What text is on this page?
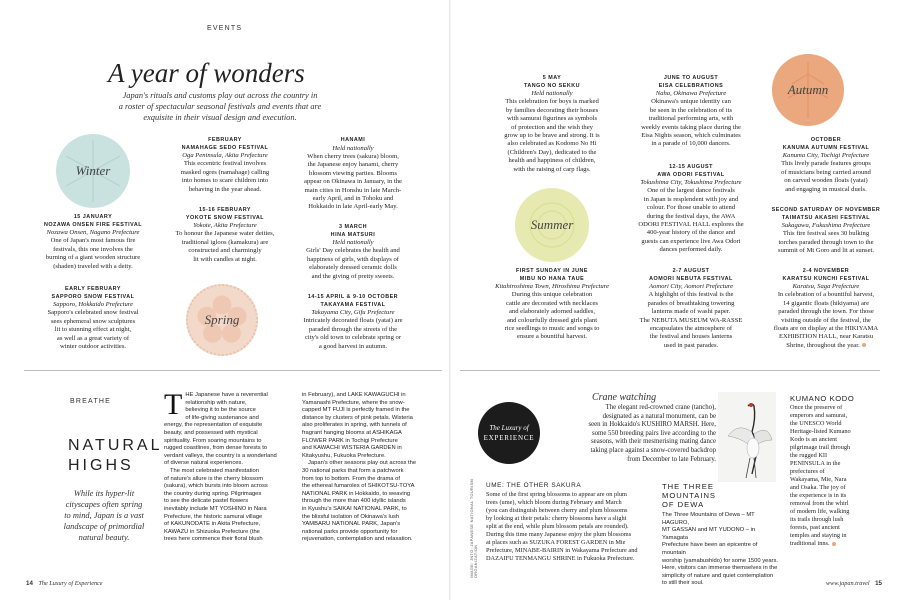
EVENTS
A year of wonders
Japan's rituals and customs play out across the country in
a roster of spectacular seasonal festivals and events that are
exquisite in their visual design and execution.
Winter
Spring
Summer
Autumn
15 JANUARY
NOZAWA ONSEN FIRE FESTIVAL
Nozawa Onsen, Nagano Prefecture
One of Japan's most famous fire
festivals, this one involves the
burning of a giant wooden structure
(shaden) traveled with a deity.
EARLY FEBRUARY
SAPPORO SNOW FESTIVAL
Sapporo, Hokkaido Prefecture
Sapporo's celebrated snow festival
sees ephemeral snow sculptures
lit to stunning effect at night,
as well as a great variety of
winter outdoor activities.
FEBRUARY
NAMAHAGE SEDO FESTIVAL
Oga Peninsula, Akita Prefecture
This eccentric festival involves
masked ogres (namahage) calling
into homes to scare children into
behaving in the year ahead.
15-16 FEBRUARY
YOKOTE SNOW FESTIVAL
Yokote, Akita Prefecture
To honour the Japanese water deities,
traditional igloos (kamakura) are
constructed and charmingly
lit with candles at night.
HANAMI
Held nationally
When cherry trees (sakura) bloom,
the Japanese enjoy hanami, cherry
blossom viewing parties. Blooms
appear on Okinawa in January, in the
main cities in Honshu in late March-
early April, and in Tohoku and
Hokkaido in late April-early May.
3 MARCH
HINA MATSURI
Held nationally
Girls' Day celebrates the health and
happiness of girls, with displays of
elaborately dressed ceramic dolls
and the giving of pretty sweets.
14-15 APRIL & 9-10 OCTOBER
TAKAYAMA FESTIVAL
Takayama City, Gifu Prefecture
Intricately decorated floats (yatai) are
paraded through the streets of the
city's old town to celebrate spring or
a good harvest in autumn.
5 MAY
TANGO NO SEKKU
Held nationally
This celebration for boys is marked
by families decorating their houses
with samurai figurines as symbols
of protection and the wish they
grow up to be brave and strong. It is
also celebrated as Kodomo No Hi
(Children's Day), dedicated to the
health and happiness of children,
with the raising of carp flags.
FIRST SUNDAY IN JUNE
MIBU NO HANA TAUE
Kitahiroshima Town, Hiroshima Prefecture
During this unique celebration
cattle are decorated with necklaces
and elaborately adorned saddles,
and colourfully dressed girls plant
rice seedlings to music and songs to
ensure a bountiful harvest.
JUNE TO AUGUST
EISA CELEBRATIONS
Naha, Okinawa Prefecture
Okinawa's unique identity can
be seen in the celebration of its
traditional performing arts, with
weekly events taking place during the
Eisa Nights season, which culminates
in a parade of 10,000 dancers.
12-15 AUGUST
AWA ODORI FESTIVAL
Tokushima City, Tokushima Prefecture
One of the largest dance festivals
in Japan is resplendent with joy and
colour. For those unable to attend
during the festival days, the AWA
ODORI FESTIVAL HALL explores the
400-year history of the dance and
guests can experience live Awa Odori
dances performed daily.
2-7 AUGUST
AOMORI NEBUTA FESTIVAL
Aomori City, Aomori Prefecture
A highlight of this festival is the
parades of breathtaking towering
lanterns made of washi paper.
The NEBUTA MUSEUM WA-RASSE
encapsulates the atmosphere of
the festival and houses lanterns
used in past parades.
OCTOBER
KANUMA AUTUMN FESTIVAL
Kanuma City, Tochigi Prefecture
This lively parade features groups
of musicians being carried around
on carved wooden floats (yatai)
and engaging in musical duels.
SECOND SATURDAY OF NOVEMBER
TAIMATSU AKASHI FESTIVAL
Sukagawa, Fukushima Prefecture
This fire festival sees 30 bulking
torches paraded through town to the
summit of Mt Goro and lit at sunset.
2-4 NOVEMBER
KARATSU KUNCHI FESTIVAL
Karatsu, Saga Prefecture
In celebration of a bountiful harvest,
14 gigantic floats (hikiyama) are
paraded through the town. For those
visiting outside of the festival, the
floats are on display at the HIKIYAMA
EXHIBITION HALL, near Karatsu
Shrine, throughout the year.
BREATHE
NATURAL
HIGHS
While its hyper-lit
cityscapes often spring
to mind, Japan is a vast
landscape of primordial
natural beauty.
T HE Japanese have a reverential
relationship with nature,
believing it to be the source
of life-giving sustenance and
energy, the representation of exquisite
beauty, and possessed with mystical
spirituality. From soaring mountains to
rugged coastlines, from dense forests to
verdant valleys, the country is a wonderland
of diverse natural experiences.
The most celebrated manifestation
of nature's allure is the cherry blossom
(sakura), which bursts into bloom across
the country during spring. Pilgrimages
to see the delicate pastel flowers
inevitably include MT YOSHINO in Nara
Prefecture, the historic samurai village
of KAKUNODATE in Akita Prefecture,
KAWAZU in Shizuoka Prefecture (the
trees here commence their floral blush
in February), and LAKE KAWAGUCHI in
Yamanashi Prefecture, where the snow-
capped MT FUJI is perfectly framed in the
distance by clusters of pink petals. Wisteria
also proliferates in spring, with tunnels of
fragrant hanging blooms at ASHIKAGA
FLOWER PARK in Tochigi Prefecture
and KAWACHI WISTERIA GARDEN in
Kitakyushu, Fukuoka Prefecture.
Japan's other seasons play out across the
30 national parks that form a patchwork
from top to bottom. From the drama of
the ethereal fumaroles of SHIKOTSU-TOYA
NATIONAL PARK in Hokkaido, to weaving
through the more than 400 idyllic islands
in Kyushu's SAIKAI NATIONAL PARK, to
the blissful isolation of Okinawa's lush
YAMBARU NATIONAL PARK, Japan's
national parks provide opportunity for
rejuvenation, contemplation and relaxation.
14 The Luxury of Experience
The Luxury of
EXPERIENCE
Crane watching
The elegant red-crowned crane (tancho),
designated as a natural monument, can be
seen in Hokkaido's KUSHIRO MARSH. Here,
some 550 breeding pairs live according to the
seasons, with their mesmerising mating dance
taking place against a snow-covered backdrop
from December to late February.
IMAGE: JNTO; JAPANESE NATIONAL TOURISM ORGANIZATION
UME: THE OTHER SAKURA
Some of the first spring blossoms to appear are on plum
trees (ume), which bloom during February and March
(you can distinguish between cherry and plum blossoms
by looking at their petals: cherry blossoms have a slight
split at the end, while plum blossom petals are rounded).
During this time many Japanese enjoy the plum blossoms
at places such as SUZUKA FOREST GARDEN in Mie
Prefecture, MINABE-BAIRIN in Wakayama Prefecture and
DAZAIFU TENMANGU SHRINE in Fukuoka Prefecture.
THE THREE
MOUNTAINS
OF DEWA
The Three Mountains of Dewa – MT HAGURO,
MT GASSAN and MT YUDONO – in Yamagata
Prefecture have been an epicentre of mountain
worship (yamabushido) for some 1500 years.
Here, visitors can immerse themselves in the
simplicity of nature and quiet contemplation
to still their soul.
KUMANO KODO
Once the preserve of
emperors and samurai,
the UNESCO World
Heritage-listed Kumano
Kodo is an ancient
pilgrimage trail through
the rugged KII
PENINSULA in the
prefectures of
Wakayama, Mie, Nara
and Osaka. The joy of
the experience is in its
removal from the whirl
of modern life, walking
its trails through lush
forests, past ancient
temples and staying in
traditional inns.
www.japan.travel 15
